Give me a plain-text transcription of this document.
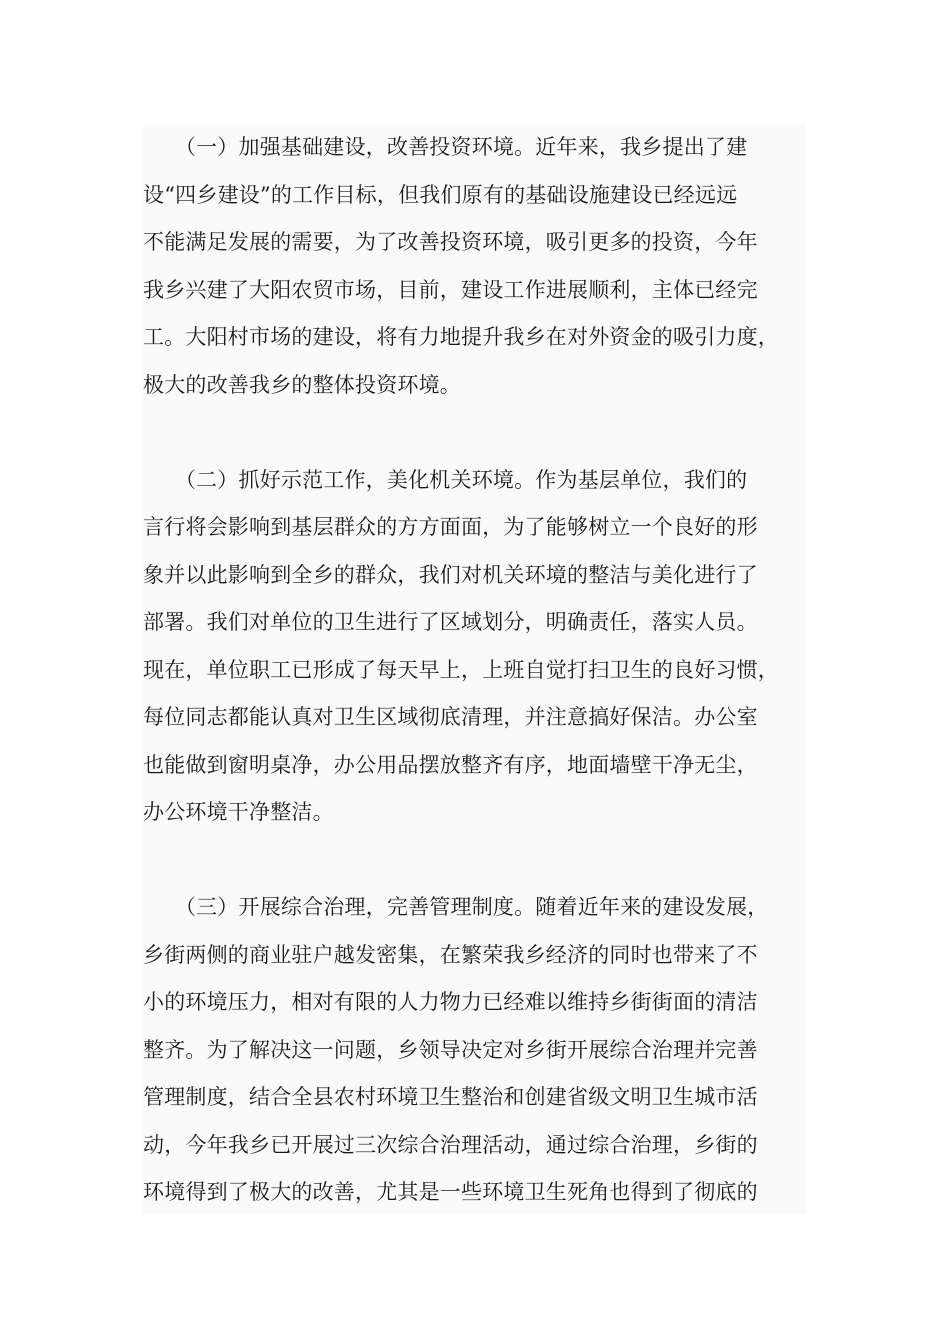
　　（一）加强基础建设，改善投资环境。近年来，我乡提出了建
设“四乡建设”的工作目标，但我们原有的基础设施建设已经远远
不能满足发展的需要，为了改善投资环境，吸引更多的投资，今年
我乡兴建了大阳农贸市场，目前，建设工作进展顺利，主体已经完
工。大阳村市场的建设，将有力地提升我乡在对外资金的吸引力度，
极大的改善我乡的整体投资环境。
　　（二）抓好示范工作，美化机关环境。作为基层单位，我们的
言行将会影响到基层群众的方方面面，为了能够树立一个良好的形
象并以此影响到全乡的群众，我们对机关环境的整洁与美化进行了
部署。我们对单位的卫生进行了区域划分，明确责任，落实人员。
现在，单位职工已形成了每天早上，上班自觉打扫卫生的良好习惯，
每位同志都能认真对卫生区域彻底清理，并注意搞好保洁。办公室
也能做到窗明桌净，办公用品摆放整齐有序，地面墙壁干净无尘，
办公环境干净整洁。
　　（三）开展综合治理，完善管理制度。随着近年来的建设发展，
乡街两侧的商业驻户越发密集，在繁荣我乡经济的同时也带来了不
小的环境压力，相对有限的人力物力已经难以维持乡街街面的清洁
整齐。为了解决这一问题，乡领导决定对乡街开展综合治理并完善
管理制度，结合全县农村环境卫生整治和创建省级文明卫生城市活
动，今年我乡已开展过三次综合治理活动，通过综合治理，乡街的
环境得到了极大的改善，尤其是一些环境卫生死角也得到了彻底的
